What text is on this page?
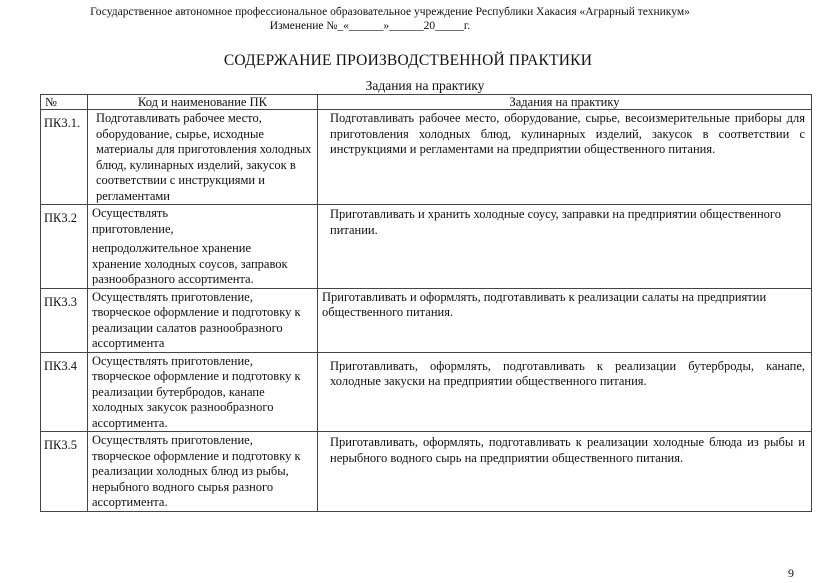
Государственное автономное профессиональное образовательное учреждение Республики Хакасия «Аграрный техникум»
Изменение №_«______»______20_____г.
СОДЕРЖАНИЕ ПРОИЗВОДСТВЕННОЙ ПРАКТИКИ
Задания на практику
№	Код и наименование ПК	Задания на практику
ПК3.1.	Подготавливать рабочее место, оборудование, сырье, исходные материалы для приготовления холодных блюд, кулинарных изделий, закусок в соответствии с инструкциями и регламентами	Подготавливать рабочее место, оборудование, сырье, весоизмерительные приборы для приготовления холодных блюд, кулинарных изделий, закусок в соответствии с инструкциями и регламентами на предприятии общественного питания.
ПК3.2	Осуществлять
приготовление,
непродолжительное хранение
хранение холодных соусов, заправок разнообразного ассортимента.	Приготавливать и хранить холодные соусу, заправки на предприятии общественного питании.
ПК3.3	Осуществлять приготовление, творческое оформление и подготовку к реализации салатов разнообразного ассортимента	Приготавливать и оформлять, подготавливать к реализации салаты на предприятии общественного питания.
ПК3.4	Осуществлять приготовление, творческое оформление и подготовку к реализации бутербродов, канапе холодных закусок разнообразного ассортимента.	Приготавливать, оформлять, подготавливать к реализации бутерброды, канапе, холодные закуски на предприятии общественного питания.
ПК3.5	Осуществлять приготовление, творческое оформление и подготовку к реализации холодных блюд из рыбы, нерыбного водного сырья разного ассортимента.	Приготавливать, оформлять, подготавливать к реализации холодные блюда из рыбы и нерыбного водного сырь на предприятии общественного питания.
9
